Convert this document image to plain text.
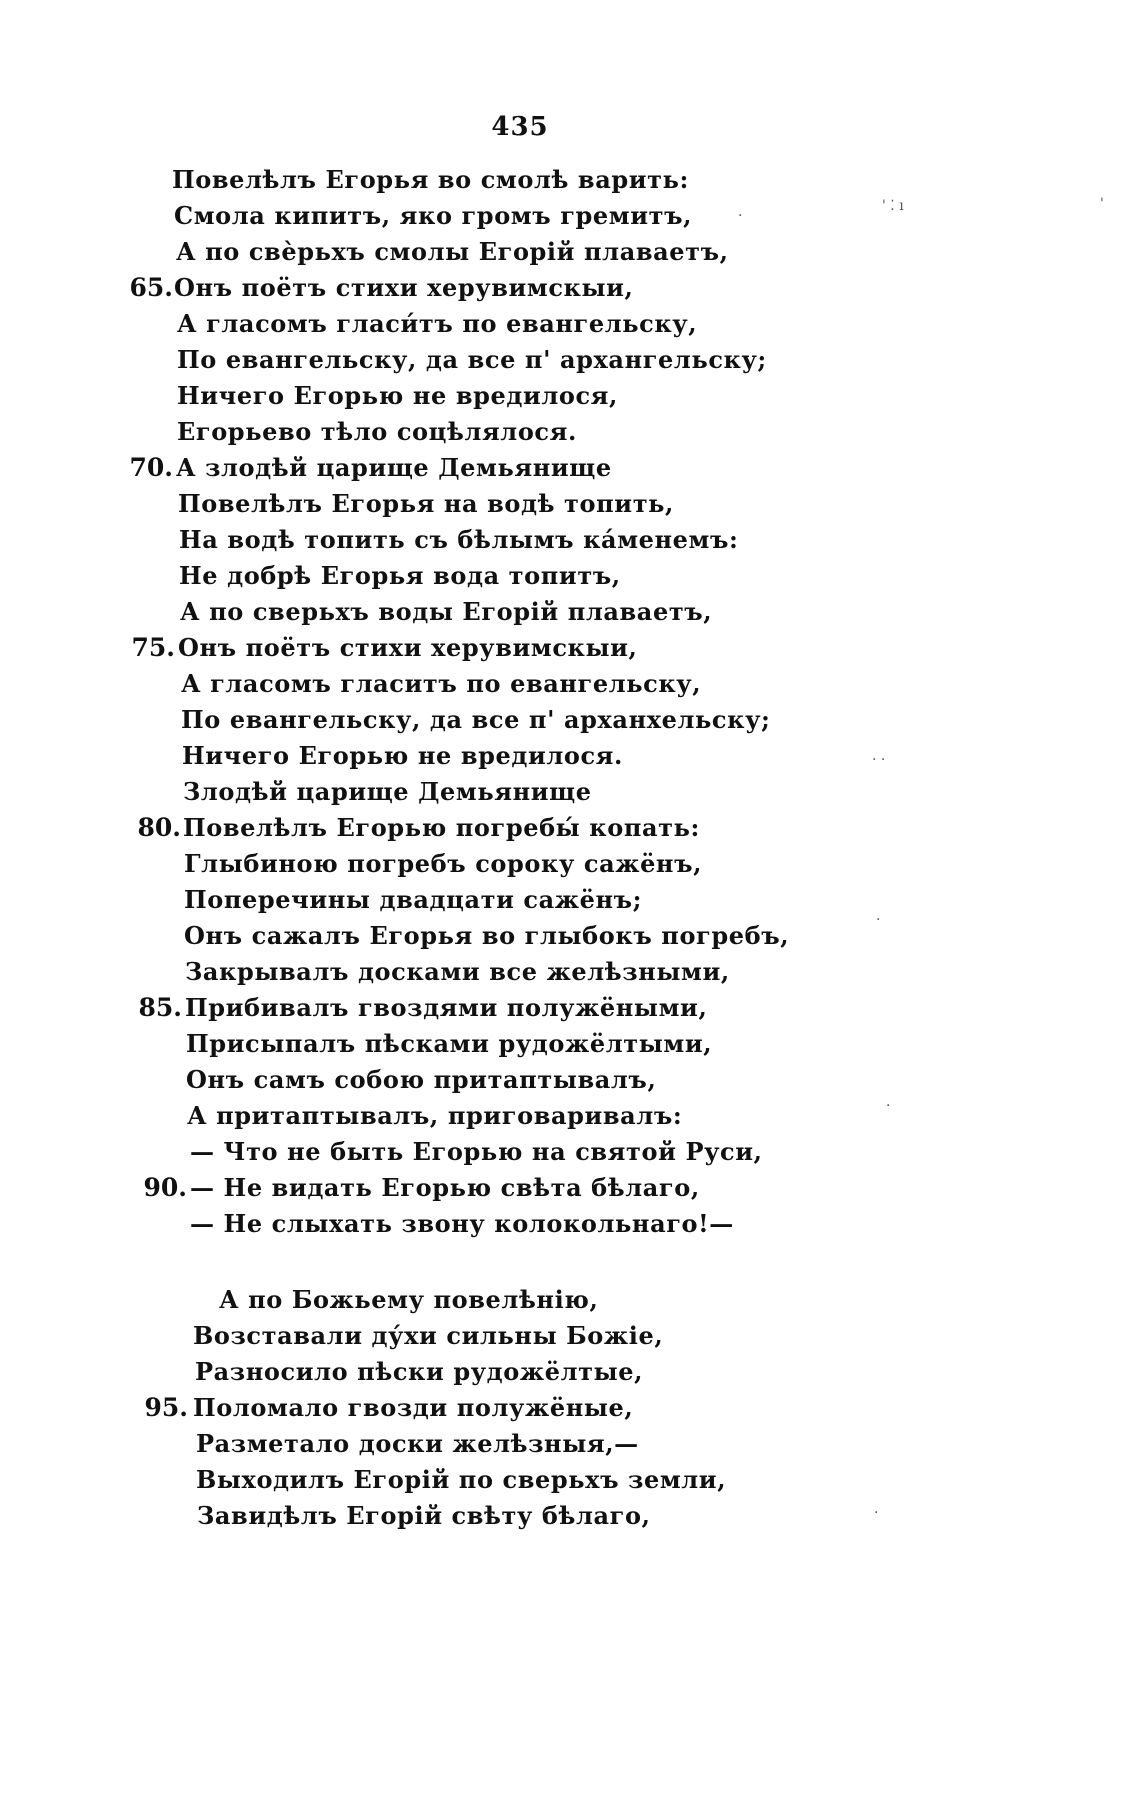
435
Повелѣлъ Егорья во смолѣ варить:
Смола кипитъ, яко громъ гремитъ,
А по свѐрьхъ смолы Егорій плаваетъ,
65. Онъ поётъ стихи херувимскыи,
А гласомъ гласи́тъ по евангельску,
По евангельску, да все п' архангельску;
Ничего Егорью не вредилося,
Егорьево тѣло соцѣлялося.
70. А злодѣй царище Демьянище
Повелѣлъ Егорья на водѣ топить,
На водѣ топить съ бѣлымъ ка́менемъ:
Не добрѣ Егорья вода топитъ,
А по сверьхъ воды Егорій плаваетъ,
75. Онъ поётъ стихи херувимскыи,
А гласомъ гласитъ по евангельску,
По евангельску, да все п' арханхельску;
Ничего Егорью не вредилося.
Злодѣй царище Демьянище
80. Повелѣлъ Егорью погребы́ копать:
Глыбиною погребъ сороку сажёнъ,
Поперечины двадцати сажёнъ;
Онъ сажалъ Егорья во глыбокъ погребъ,
Закрывалъ досками все желѣзными,
85. Прибивалъ гвоздями полужёными,
Присыпалъ пѣсками рудожёлтыми,
Онъ самъ собою притаптывалъ,
А притаптывалъ, приговаривалъ:
— Что не быть Егорью на святой Руси,
90. — Не видать Егорью свѣта бѣлаго,
— Не слыхать звону колокольнаго!—
А по Божьему повелѣнію,
Возставали ду́хи сильны Божіе,
Разносило пѣски рудожёлтые,
95. Поломало гвозди полужёные,
Разметало доски желѣзныя,—
Выходилъ Егорій по сверьхъ земли,
Завидѣлъ Егорій свѣту бѣлаго,
' ⁚ ı	'
·
· ·
·
·
·
